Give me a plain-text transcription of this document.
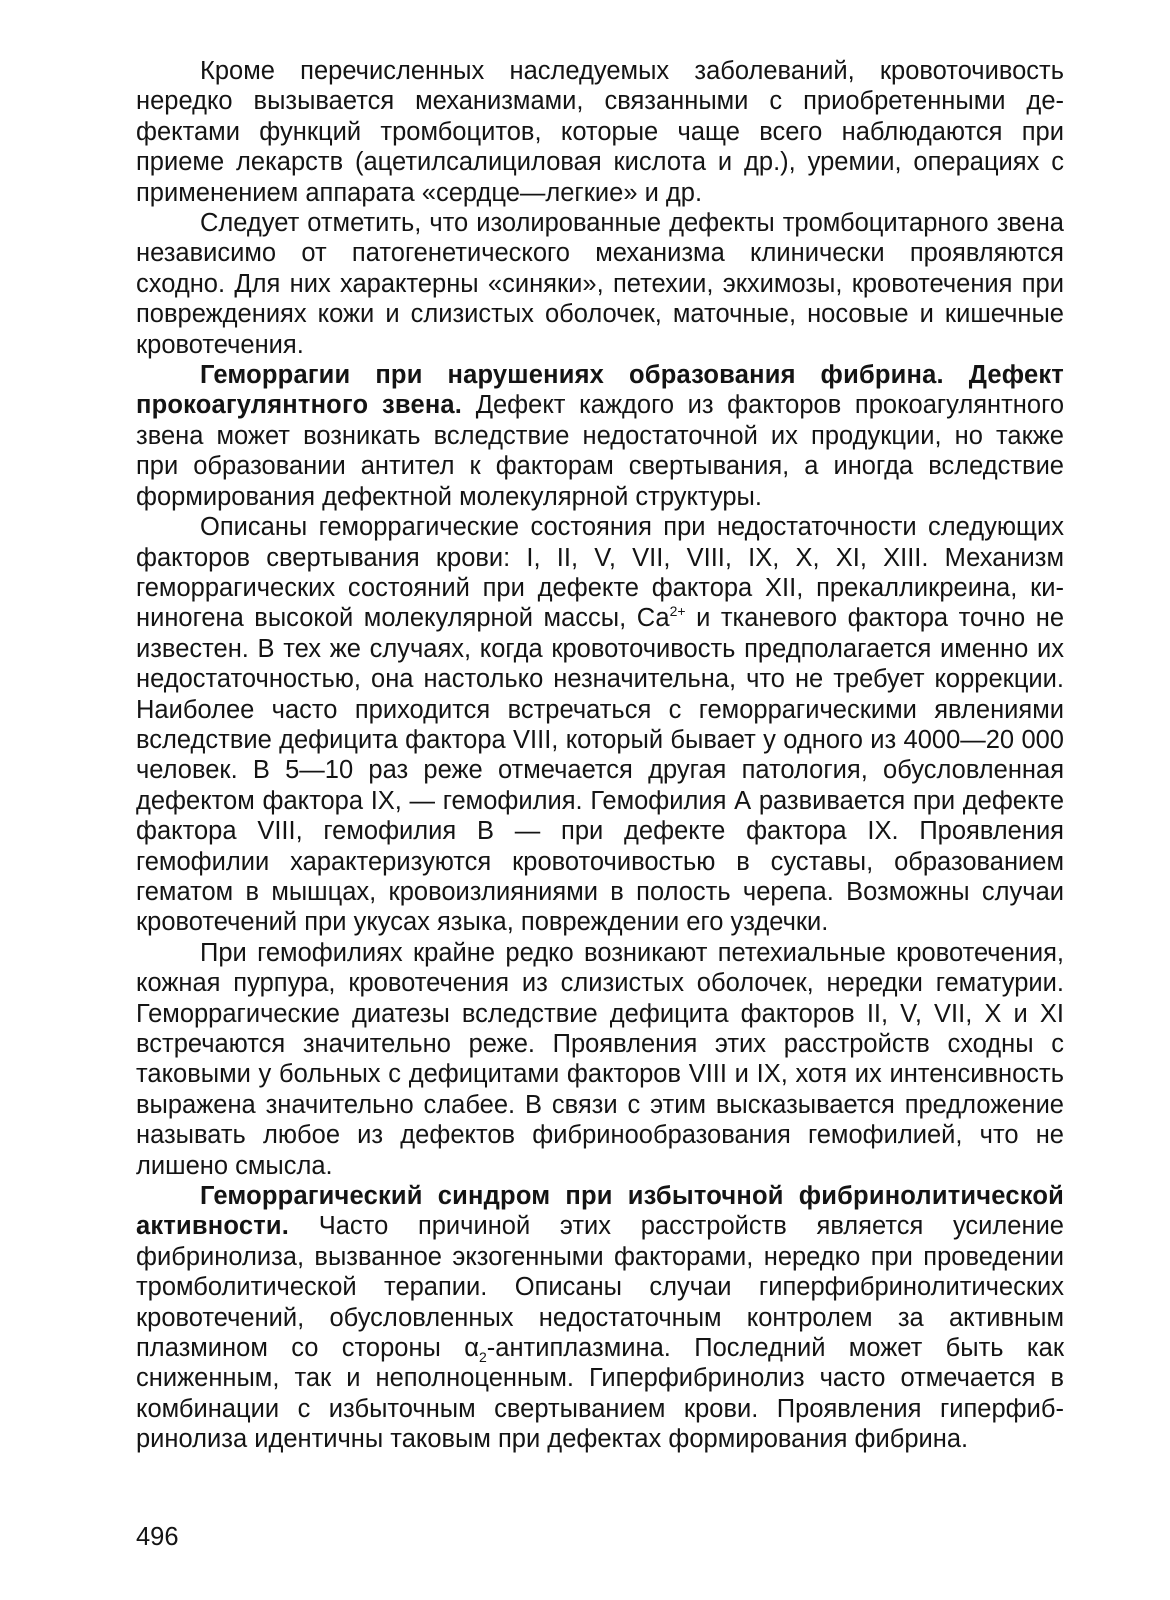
Кроме перечисленных наследуемых заболеваний, кровоточивость нередко вызывается механизмами, связанными с приобретенными дефектами функций тромбоцитов, которые чаще всего наблюдаются при приеме лекарств (ацетилсалициловая кислота и др.), уремии, операциях с применением аппарата «сердце—легкие» и др.

Следует отметить, что изолированные дефекты тромбоцитарного звена независимо от патогенетического механизма клинически проявляются сходно. Для них характерны «синяки», петехии, экхимозы, кровотечения при повреждениях кожи и слизистых оболочек, маточные, носовые и кишечные кровотечения.

Геморрагии при нарушениях образования фибрина. Дефект прокоагулянтного звена. Дефект каждого из факторов прокоагулянтного звена может возникать вследствие недостаточной их продукции, но также при образовании антител к факторам свертывания, а иногда вследствие формирования дефектной молекулярной структуры.

Описаны геморрагические состояния при недостаточности следующих факторов свертывания крови: I, II, V, VII, VIII, IX, X, XI, XIII. Механизм геморрагических состояний при дефекте фактора XII, прекалликреина, кининогена высокой молекулярной массы, $Са^{2+}$ и тканевого фактора точно не известен. В тех же случаях, когда кровоточивость предполагается именно их недостаточностью, она настолько незначительна, что не требует коррекции. Наиболее часто приходится встречаться с геморрагическими явлениями вследствие дефицита фактора VIII, который бывает у одного из 4000—20 000 человек. В 5—10 раз реже отмечается другая патология, обусловленная дефектом фактора IX, — гемофилия. Гемофилия А развивается при дефекте фактора VIII, гемофилия В — при дефекте фактора IX. Проявления гемофилии характеризуются кровоточивостью в суставы, образованием гематом в мышцах, кровоизлияниями в полость черепа. Возможны случаи кровотечений при укусах языка, повреждении его уздечки.

При гемофилиях крайне редко возникают петехиальные кровотечения, кожная пурпура, кровотечения из слизистых оболочек, нередки гематурии. Геморрагические диатезы вследствие дефицита факторов II, V, VII, X и XI встречаются значительно реже. Проявления этих расстройств сходны с таковыми у больных с дефицитами факторов VIII и IX, хотя их интенсивность выражена значительно слабее. В связи с этим высказывается предложение называть любое из дефектов фибринообразования гемофилией, что не лишено смысла.

Геморрагический синдром при избыточной фибринолитической активности. Часто причиной этих расстройств является усиление фибринолиза, вызванное экзогенными факторами, нередко при проведении тромболитической терапии. Описаны случаи гиперфибринолитических кровотечений, обусловленных недостаточным контролем за активным плазмином со стороны $\alpha_2$-антиплазмина. Последний может быть как сниженным, так и неполноценным. Гиперфибринолиз часто отмечается в комбинации с избыточным свертыванием крови. Проявления гиперфибринолиза идентичны таковым при дефектах формирования фибрина.

496
